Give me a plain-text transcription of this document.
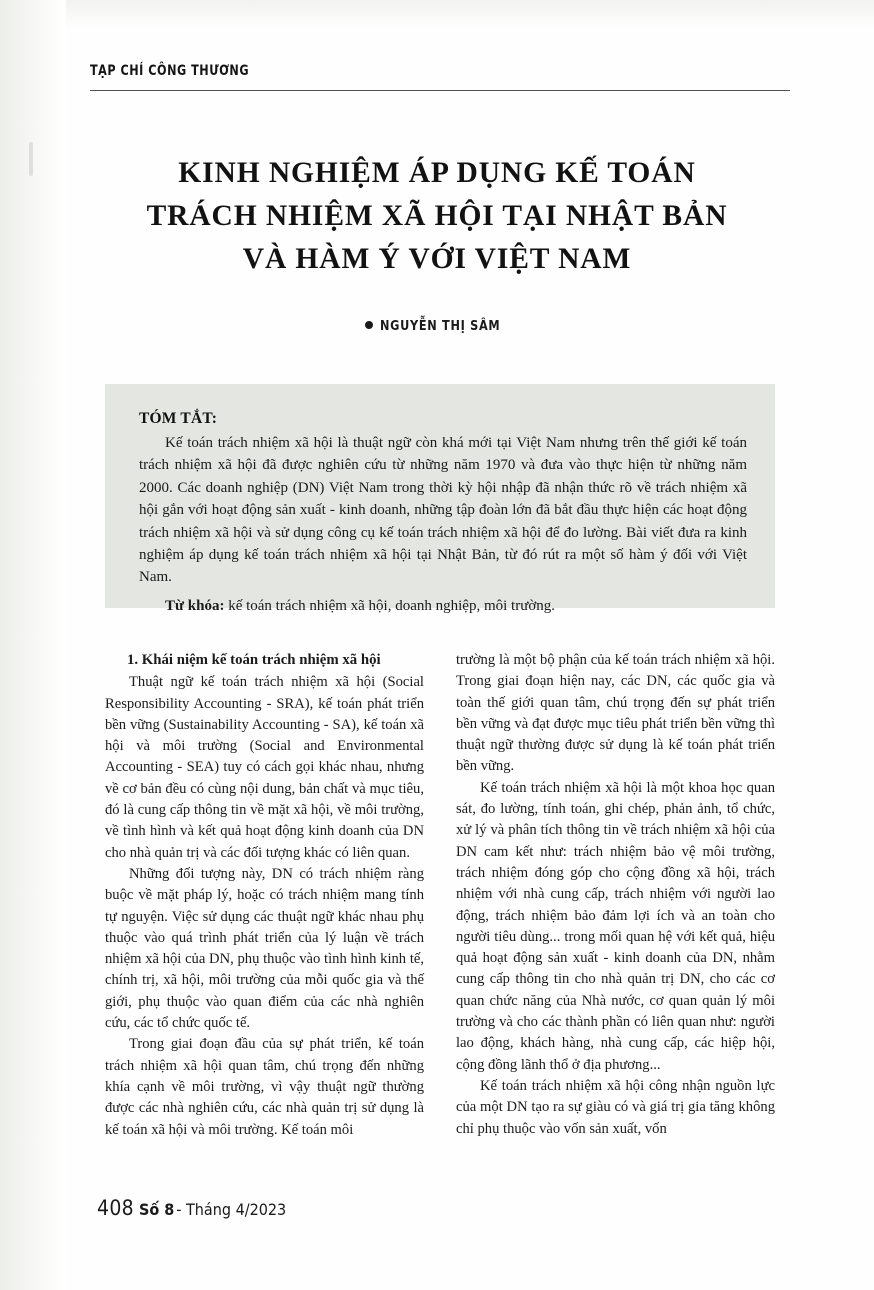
TẠP CHÍ CÔNG THƯƠNG
KINH NGHIỆM ÁP DỤNG KẾ TOÁN
TRÁCH NHIỆM XÃ HỘI TẠI NHẬT BẢN
VÀ HÀM Ý VỚI VIỆT NAM
NGUYỄN THỊ SÂM
TÓM TẮT:

Kế toán trách nhiệm xã hội là thuật ngữ còn khá mới tại Việt Nam nhưng trên thế giới kế toán trách nhiệm xã hội đã được nghiên cứu từ những năm 1970 và đưa vào thực hiện từ những năm 2000. Các doanh nghiệp (DN) Việt Nam trong thời kỳ hội nhập đã nhận thức rõ về trách nhiệm xã hội gắn với hoạt động sản xuất - kinh doanh, những tập đoàn lớn đã bắt đầu thực hiện các hoạt động trách nhiệm xã hội và sử dụng công cụ kế toán trách nhiệm xã hội để đo lường. Bài viết đưa ra kinh nghiệm áp dụng kế toán trách nhiệm xã hội tại Nhật Bản, từ đó rút ra một số hàm ý đối với Việt Nam.

Từ khóa: kế toán trách nhiệm xã hội, doanh nghiệp, môi trường.

1. Khái niệm kế toán trách nhiệm xã hội

Thuật ngữ kế toán trách nhiệm xã hội (Social Responsibility Accounting - SRA), kế toán phát triển bền vững (Sustainability Accounting - SA), kế toán xã hội và môi trường (Social and Environmental Accounting - SEA) tuy có cách gọi khác nhau, nhưng về cơ bản đều có cùng nội dung, bản chất và mục tiêu, đó là cung cấp thông tin về mặt xã hội, về môi trường, về tình hình và kết quả hoạt động kinh doanh của DN cho nhà quản trị và các đối tượng khác có liên quan.

Những đối tượng này, DN có trách nhiệm ràng buộc về mặt pháp lý, hoặc có trách nhiệm mang tính tự nguyện. Việc sử dụng các thuật ngữ khác nhau phụ thuộc vào quá trình phát triển của lý luận về trách nhiệm xã hội của DN, phụ thuộc vào tình hình kinh tế, chính trị, xã hội, môi trường của mỗi quốc gia và thế giới, phụ thuộc vào quan điểm của các nhà nghiên cứu, các tổ chức quốc tế.

Trong giai đoạn đầu của sự phát triển, kế toán trách nhiệm xã hội quan tâm, chú trọng đến những khía cạnh về môi trường, vì vậy thuật ngữ thường được các nhà nghiên cứu, các nhà quản trị sử dụng là kế toán xã hội và môi trường. Kế toán môi

trường là một bộ phận của kế toán trách nhiệm xã hội. Trong giai đoạn hiện nay, các DN, các quốc gia và toàn thế giới quan tâm, chú trọng đến sự phát triển bền vững và đạt được mục tiêu phát triển bền vững thì thuật ngữ thường được sử dụng là kế toán phát triển bền vững.

Kế toán trách nhiệm xã hội là một khoa học quan sát, đo lường, tính toán, ghi chép, phản ảnh, tổ chức, xử lý và phân tích thông tin về trách nhiệm xã hội của DN cam kết như: trách nhiệm bảo vệ môi trường, trách nhiệm đóng góp cho cộng đồng xã hội, trách nhiệm với nhà cung cấp, trách nhiệm với người lao động, trách nhiệm bảo đảm lợi ích và an toàn cho người tiêu dùng... trong mối quan hệ với kết quả, hiệu quả hoạt động sản xuất - kinh doanh của DN, nhằm cung cấp thông tin cho nhà quản trị DN, cho các cơ quan chức năng của Nhà nước, cơ quan quản lý môi trường và cho các thành phần có liên quan như: người lao động, khách hàng, nhà cung cấp, các hiệp hội, cộng đồng lãnh thổ ở địa phương...

Kế toán trách nhiệm xã hội công nhận nguồn lực của một DN tạo ra sự giàu có và giá trị gia tăng không chỉ phụ thuộc vào vốn sản xuất, vốn

408 Số 8 - Tháng 4/2023
